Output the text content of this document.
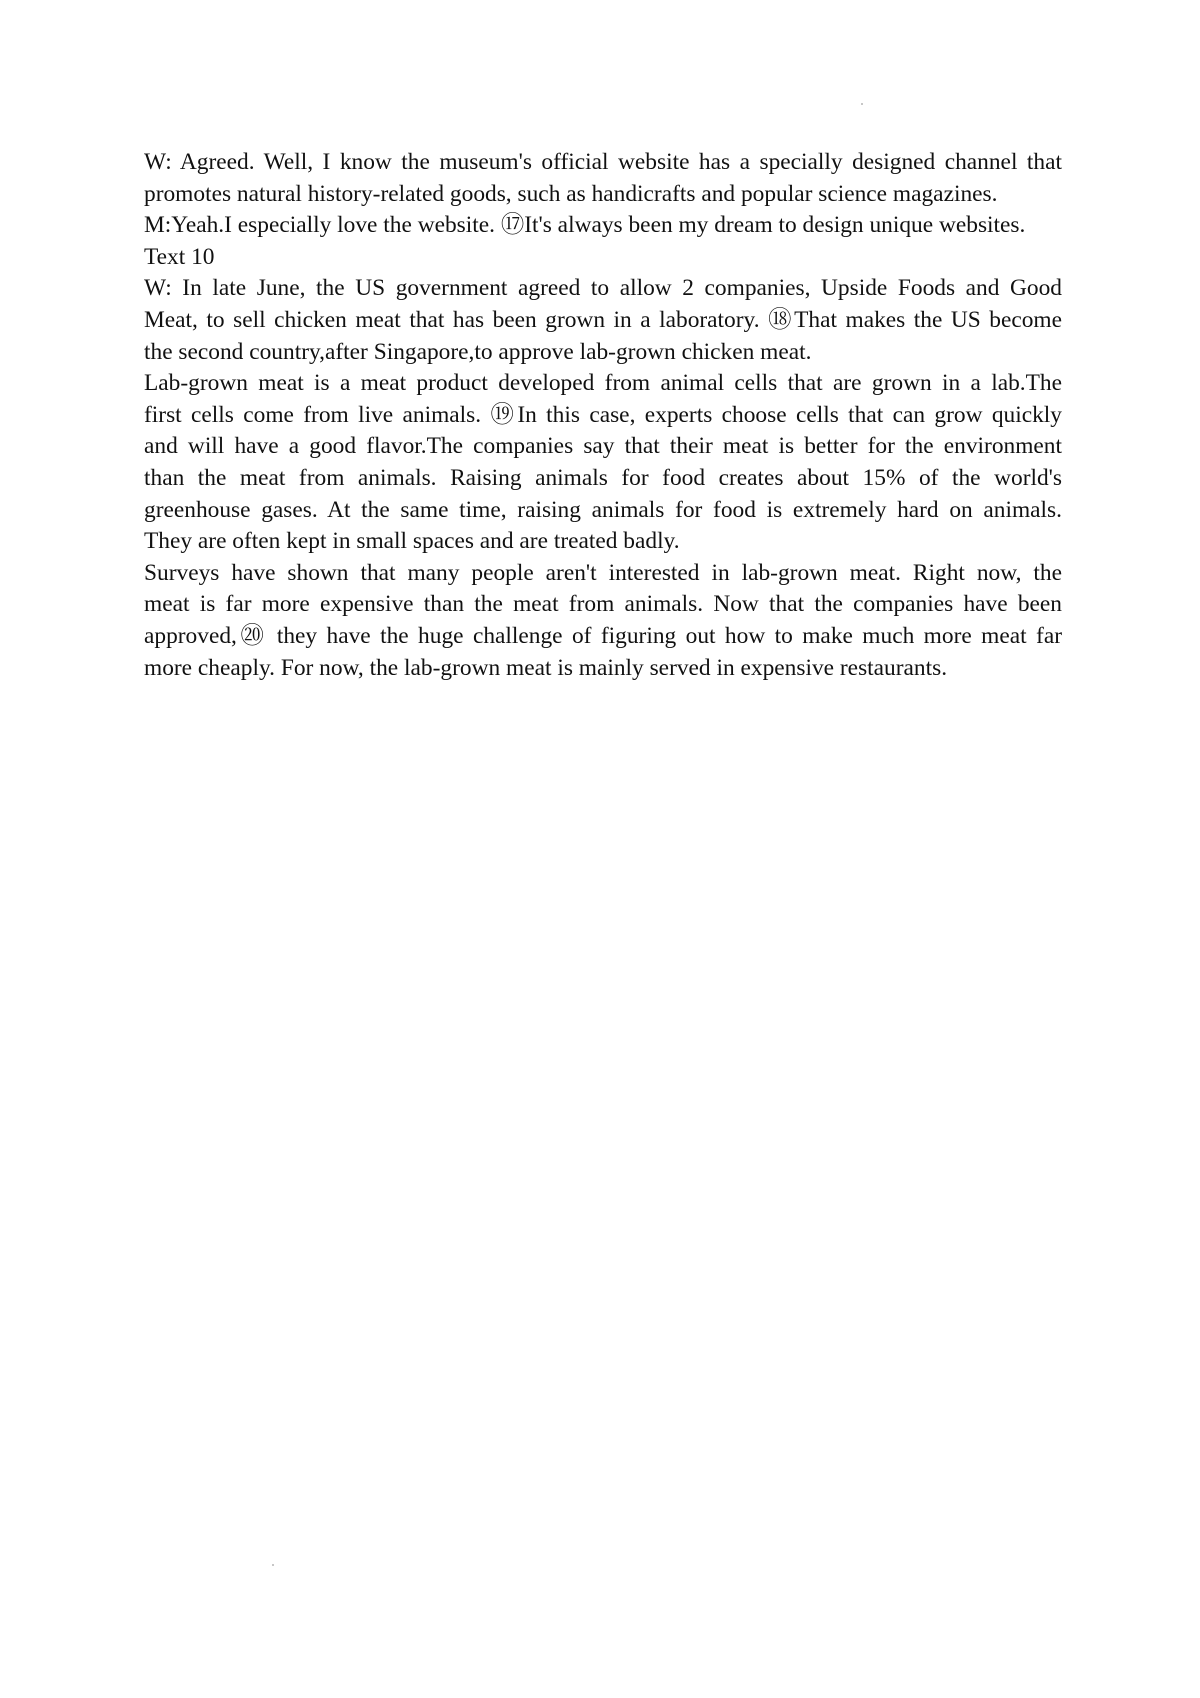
W: Agreed. Well, I know the museum's official website has a specially designed channel that
promotes natural history-related goods, such as handicrafts and popular science magazines.
M:Yeah.I especially love the website. ⑰It's always been my dream to design unique websites.
Text 10
W: In late June, the US government agreed to allow 2 companies, Upside Foods and Good
Meat, to sell chicken meat that has been grown in a laboratory. ⑱That makes the US become
the second country,after Singapore,to approve lab-grown chicken meat.
Lab-grown meat is a meat product developed from animal cells that are grown in a lab.The
first cells come from live animals. ⑲In this case, experts choose cells that can grow quickly
and will have a good flavor.The companies say that their meat is better for the environment
than the meat from animals. Raising animals for food creates about 15% of the world's
greenhouse gases. At the same time, raising animals for food is extremely hard on animals.
They are often kept in small spaces and are treated badly.
Surveys have shown that many people aren't interested in lab-grown meat. Right now, the
meat is far more expensive than the meat from animals. Now that the companies have been
approved,⑳ they have the huge challenge of figuring out how to make much more meat far
more cheaply. For now, the lab-grown meat is mainly served in expensive restaurants.
